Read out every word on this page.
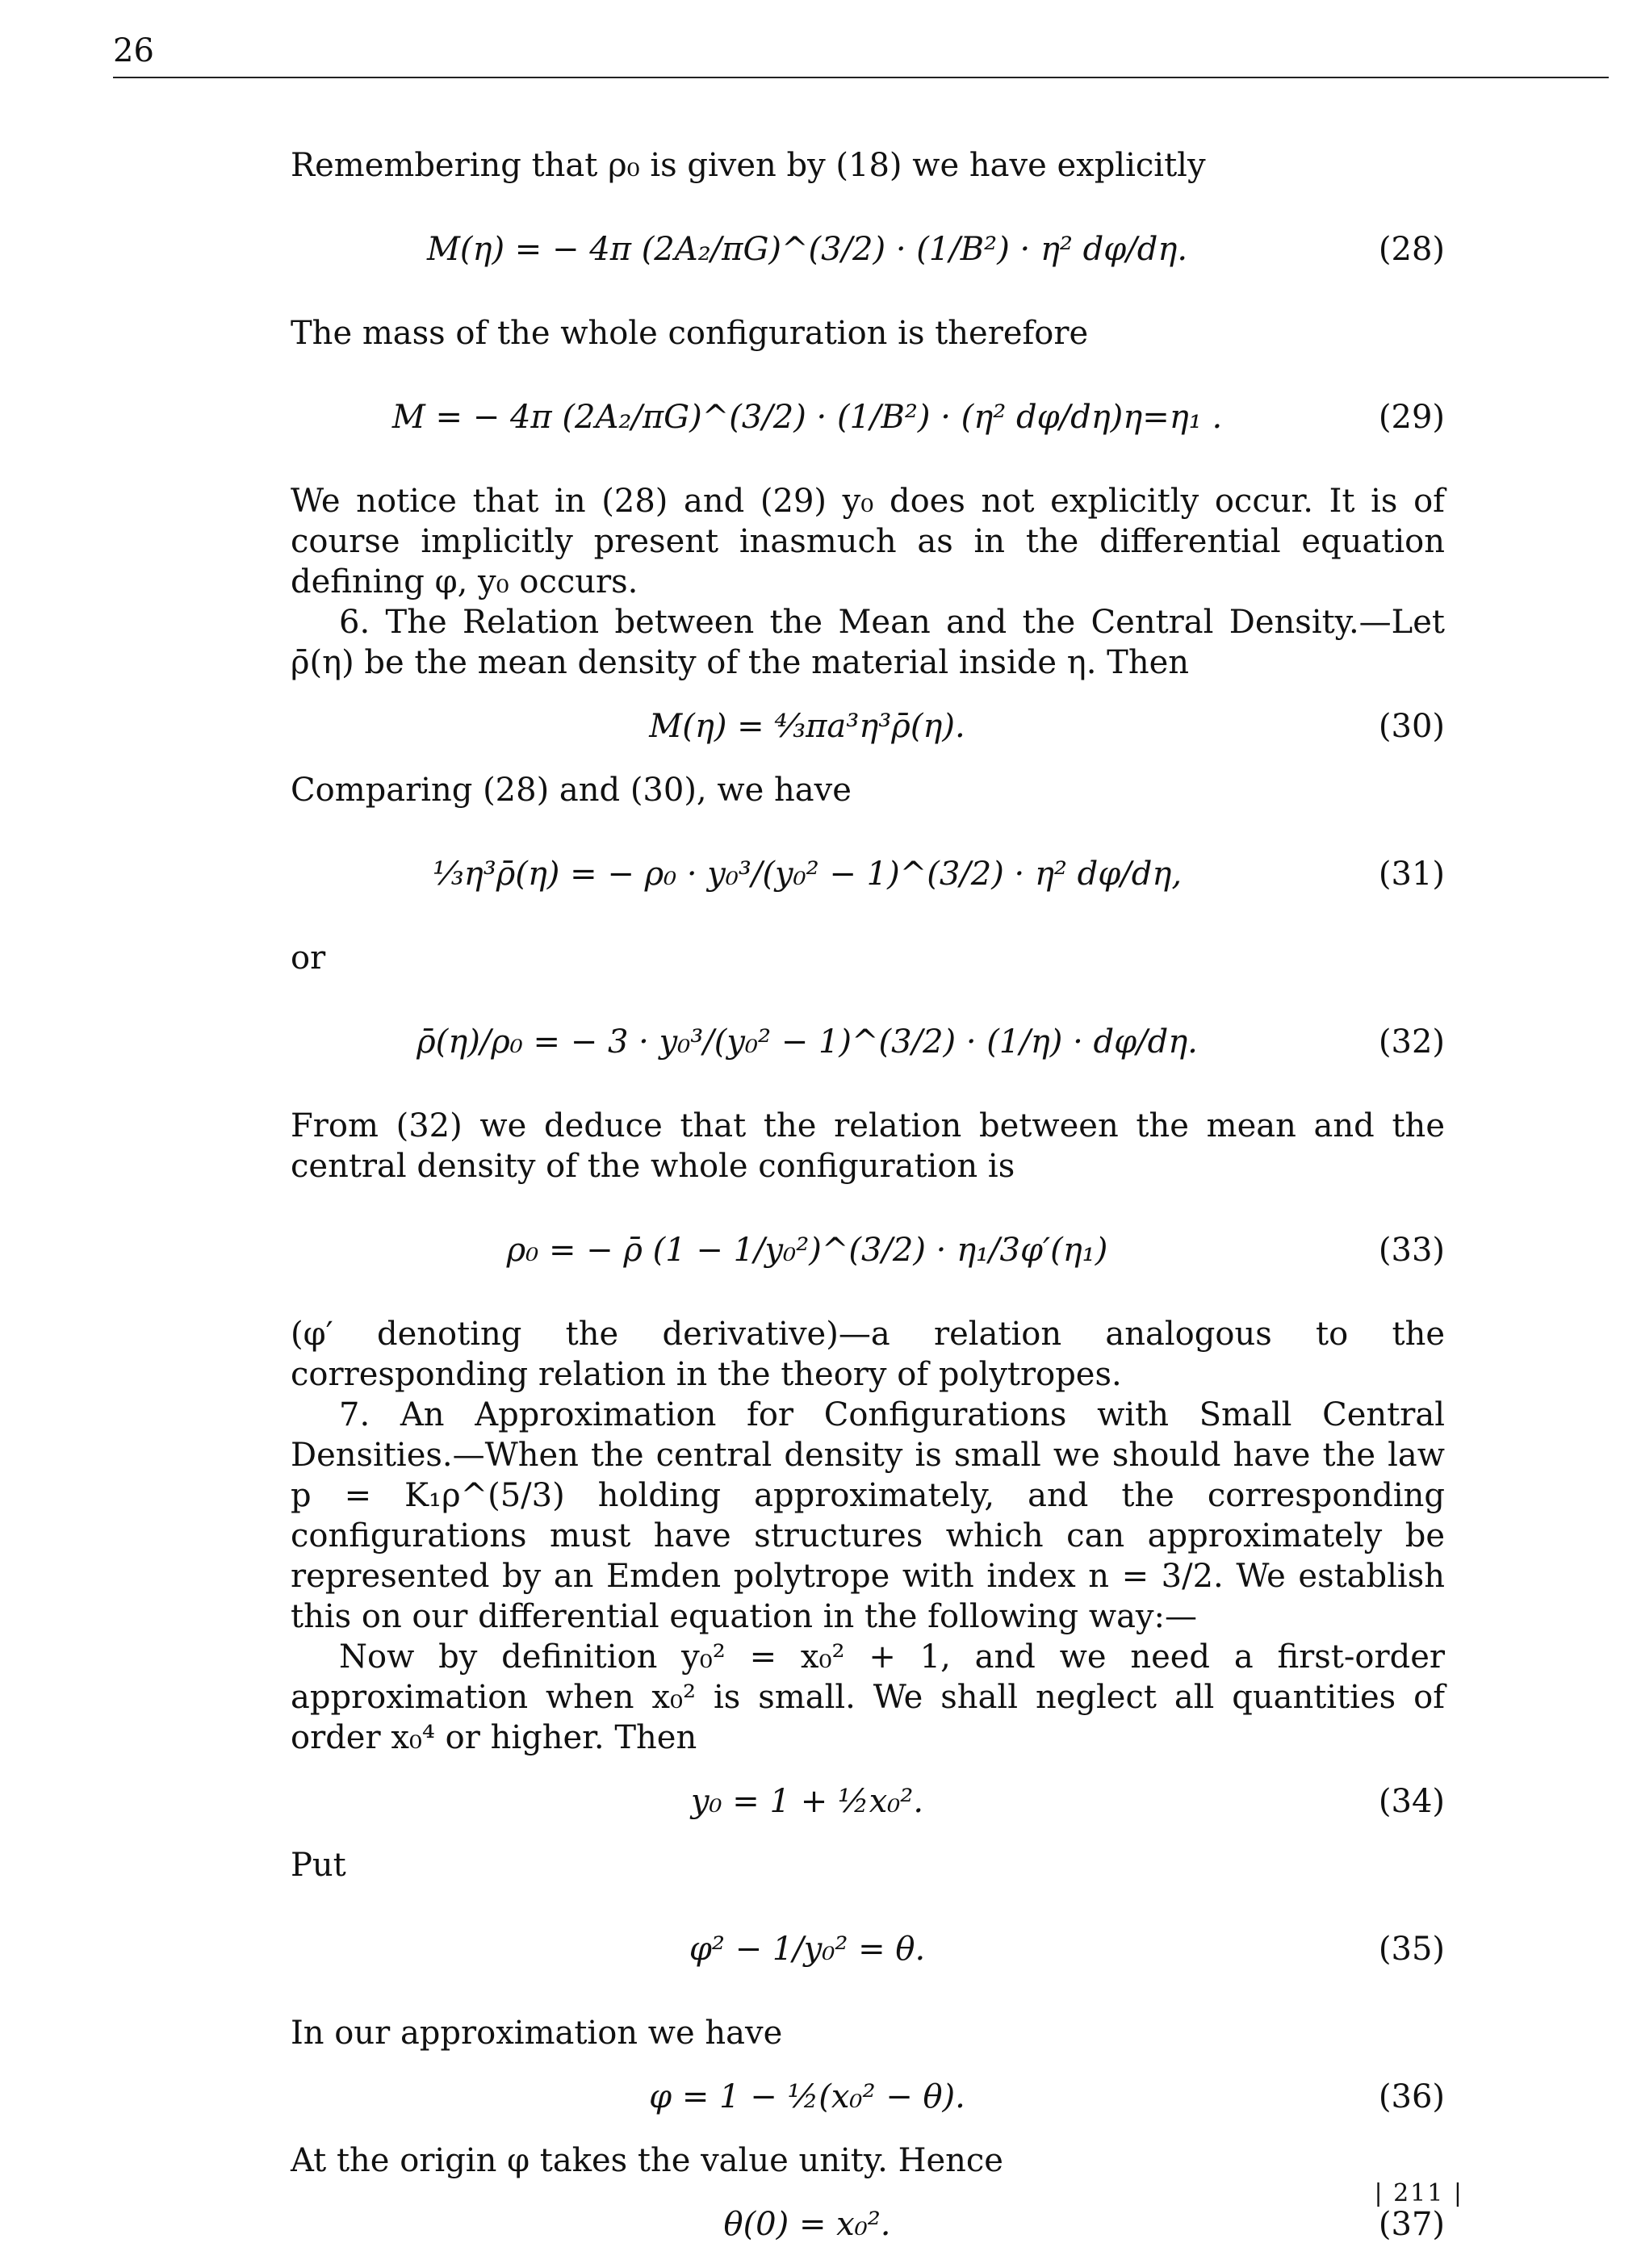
26

Remembering that ρ₀ is given by (18) we have explicitly

M(η) = − 4π (2A₂/πG)^(3/2) · (1/B²) · η² dφ/dη.	(28)

The mass of the whole configuration is therefore

M = − 4π (2A₂/πG)^(3/2) · (1/B²) · (η² dφ/dη)η=η₁ .	(29)

We notice that in (28) and (29) y₀ does not explicitly occur. It is of course implicitly present inasmuch as in the differential equation defining φ, y₀ occurs.

6. The Relation between the Mean and the Central Density.—Let ρ̄(η) be the mean density of the material inside η. Then

M(η) = ⁴⁄₃πa³η³ρ̄(η).	(30)

Comparing (28) and (30), we have

⅓η³ρ̄(η) = − ρ₀ · y₀³/(y₀² − 1)^(3/2) · η² dφ/dη,	(31)

or

ρ̄(η)/ρ₀ = − 3 · y₀³/(y₀² − 1)^(3/2) · (1/η) · dφ/dη.	(32)

From (32) we deduce that the relation between the mean and the central density of the whole configuration is

ρ₀ = − ρ̄ (1 − 1/y₀²)^(3/2) · η₁/3φ′(η₁)	(33)

(φ′ denoting the derivative)—a relation analogous to the corresponding relation in the theory of polytropes.

7. An Approximation for Configurations with Small Central Densities.—When the central density is small we should have the law p = K₁ρ^(5/3) holding approximately, and the corresponding configurations must have structures which can approximately be represented by an Emden polytrope with index n = 3/2. We establish this on our differential equation in the following way:—

Now by definition y₀² = x₀² + 1, and we need a first-order approximation when x₀² is small. We shall neglect all quantities of order x₀⁴ or higher. Then

y₀ = 1 + ½x₀².	(34)

Put

φ² − 1/y₀² = θ.	(35)

In our approximation we have

φ = 1 − ½(x₀² − θ).	(36)

At the origin φ takes the value unity. Hence

θ(0) = x₀².	(37)
| 211 |
